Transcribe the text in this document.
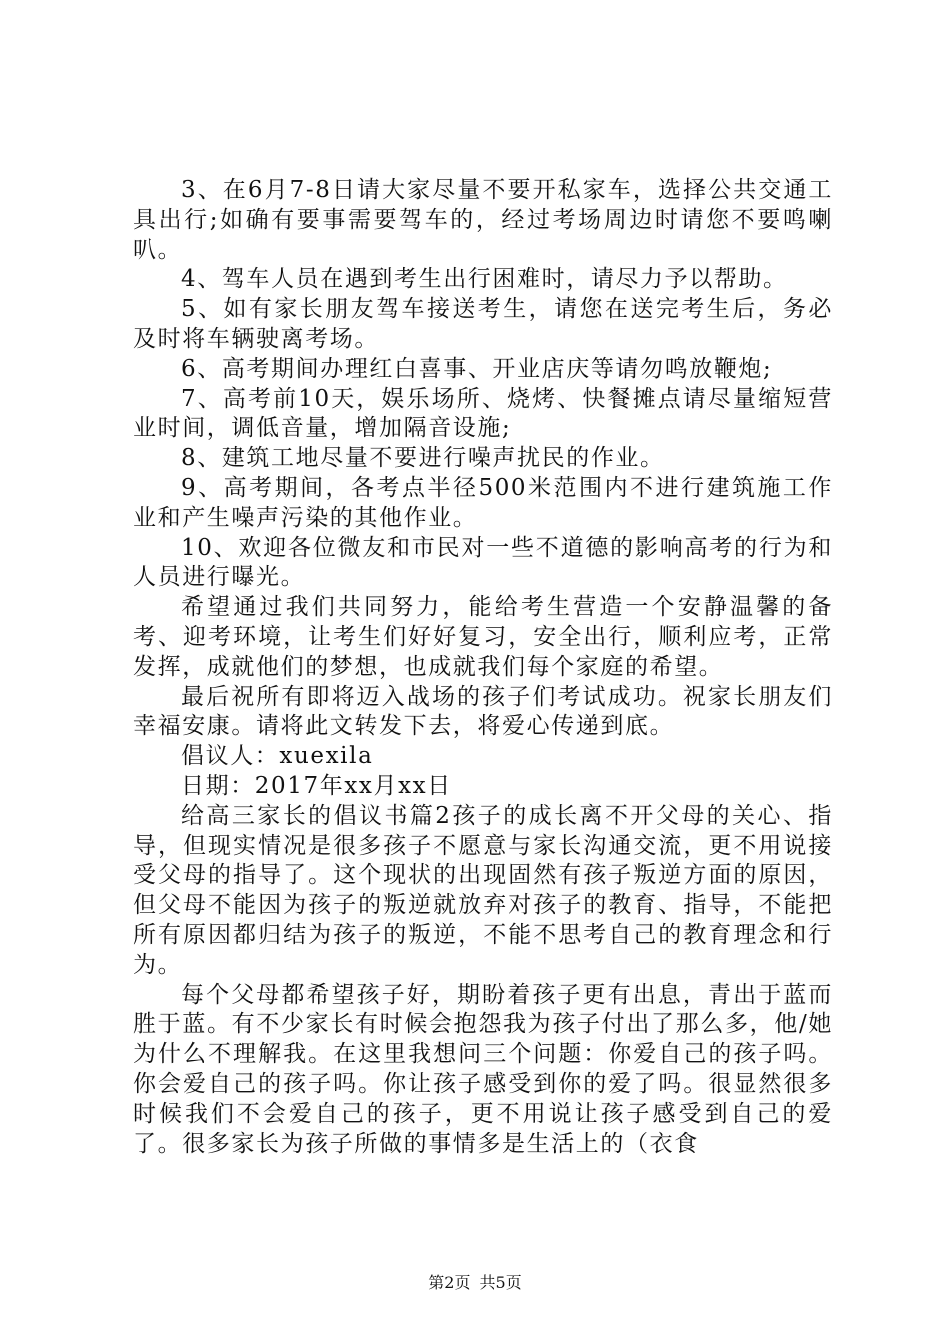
3、在6月7-8日请大家尽量不要开私家车，选择公共交通工具出行;如确有要事需要驾车的，经过考场周边时请您不要鸣喇叭。

4、驾车人员在遇到考生出行困难时，请尽力予以帮助。

5、如有家长朋友驾车接送考生，请您在送完考生后，务必及时将车辆驶离考场。

6、高考期间办理红白喜事、开业店庆等请勿鸣放鞭炮;

7、高考前10天，娱乐场所、烧烤、快餐摊点请尽量缩短营业时间，调低音量，增加隔音设施;

8、建筑工地尽量不要进行噪声扰民的作业。

9、高考期间，各考点半径500米范围内不进行建筑施工作业和产生噪声污染的其他作业。

10、欢迎各位微友和市民对一些不道德的影响高考的行为和人员进行曝光。

希望通过我们共同努力，能给考生营造一个安静温馨的备考、迎考环境，让考生们好好复习，安全出行，顺利应考，正常发挥，成就他们的梦想，也成就我们每个家庭的希望。

最后祝所有即将迈入战场的孩子们考试成功。祝家长朋友们幸福安康。请将此文转发下去，将爱心传递到底。

倡议人：xuexila

日期：2017年xx月xx日

给高三家长的倡议书篇2孩子的成长离不开父母的关心、指导，但现实情况是很多孩子不愿意与家长沟通交流，更不用说接受父母的指导了。这个现状的出现固然有孩子叛逆方面的原因，但父母不能因为孩子的叛逆就放弃对孩子的教育、指导，不能把所有原因都归结为孩子的叛逆，不能不思考自己的教育理念和行为。

每个父母都希望孩子好，期盼着孩子更有出息，青出于蓝而胜于蓝。有不少家长有时候会抱怨我为孩子付出了那么多，他/她为什么不理解我。在这里我想问三个问题：你爱自己的孩子吗。你会爱自己的孩子吗。你让孩子感受到你的爱了吗。很显然很多时候我们不会爱自己的孩子，更不用说让孩子感受到自己的爱了。很多家长为孩子所做的事情多是生活上的（衣食

第2页 共5页
